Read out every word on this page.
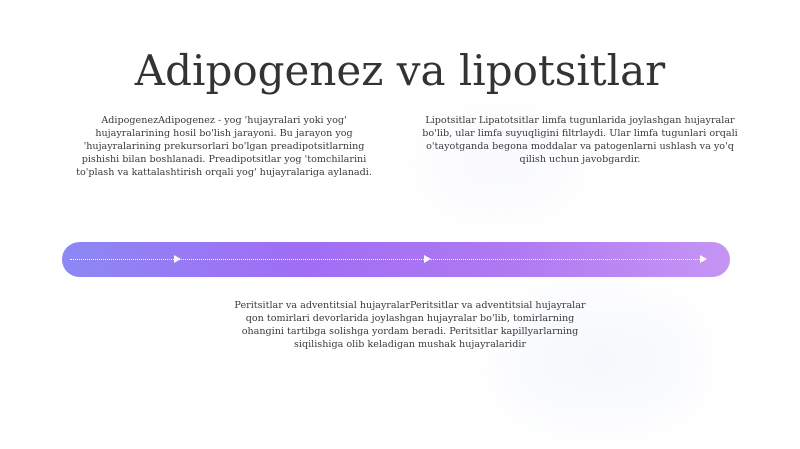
Adipogenez va lipotsitlar
AdipogenezAdipogenez - yog 'hujayralari yoki yog' hujayralarining hosil bo'lish jarayoni. Bu jarayon yog 'hujayralarining prekursorlari bo'lgan preadipotsitlarning pishishi bilan boshlanadi. Preadipotsitlar yog 'tomchilarini to'plash va kattalashtirish orqali yog' hujayralariga aylanadi.
Lipotsitlar Lipatotsitlar limfa tugunlarida joylashgan hujayralar bo'lib, ular limfa suyuqligini filtrlaydi. Ular limfa tugunlari orqali o'tayotganda begona moddalar va patogenlarni ushlash va yo'q qilish uchun javobgardir.
Peritsitlar va adventitsial hujayralarPeritsitlar va adventitsial hujayralar qon tomirlari devorlarida joylashgan hujayralar bo'lib, tomirlarning ohangini tartibga solishga yordam beradi. Peritsitlar kapillyarlarning siqilishiga olib keladigan mushak hujayralaridir
